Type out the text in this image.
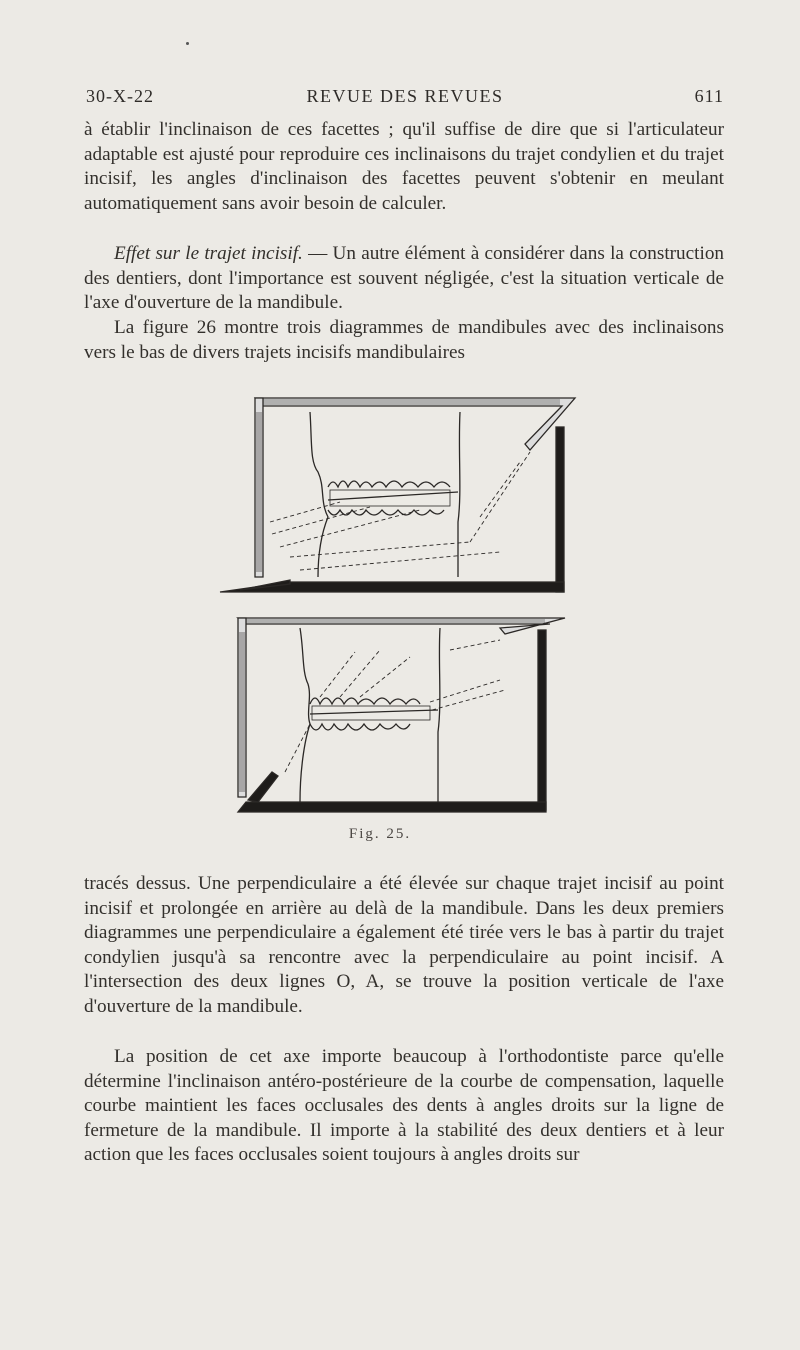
30-X-22	REVUE DES REVUES	611

à établir l'inclinaison de ces facettes ; qu'il suffise de dire que si l'articulateur adaptable est ajusté pour reproduire ces inclinaisons du trajet condylien et du trajet incisif, les angles d'inclinaison des facettes peuvent s'obtenir en meulant automatiquement sans avoir besoin de calculer.

Effet sur le trajet incisif. — Un autre élément à considérer dans la construction des dentiers, dont l'importance est souvent négligée, c'est la situation verticale de l'axe d'ouverture de la mandibule.

La figure 26 montre trois diagrammes de mandibules avec des inclinaisons vers le bas de divers trajets incisifs mandibulaires

Fig. 25.

tracés dessus. Une perpendiculaire a été élevée sur chaque trajet incisif au point incisif et prolongée en arrière au delà de la mandibule. Dans les deux premiers diagrammes une perpendiculaire a également été tirée vers le bas à partir du trajet condylien jusqu'à sa rencontre avec la perpendiculaire au point incisif. A l'intersection des deux lignes O, A, se trouve la position verticale de l'axe d'ouverture de la mandibule.

La position de cet axe importe beaucoup à l'orthodontiste parce qu'elle détermine l'inclinaison antéro-postérieure de la courbe de compensation, laquelle courbe maintient les faces occlusales des dents à angles droits sur la ligne de fermeture de la mandibule. Il importe à la stabilité des deux dentiers et à leur action que les faces occlusales soient toujours à angles droits sur
